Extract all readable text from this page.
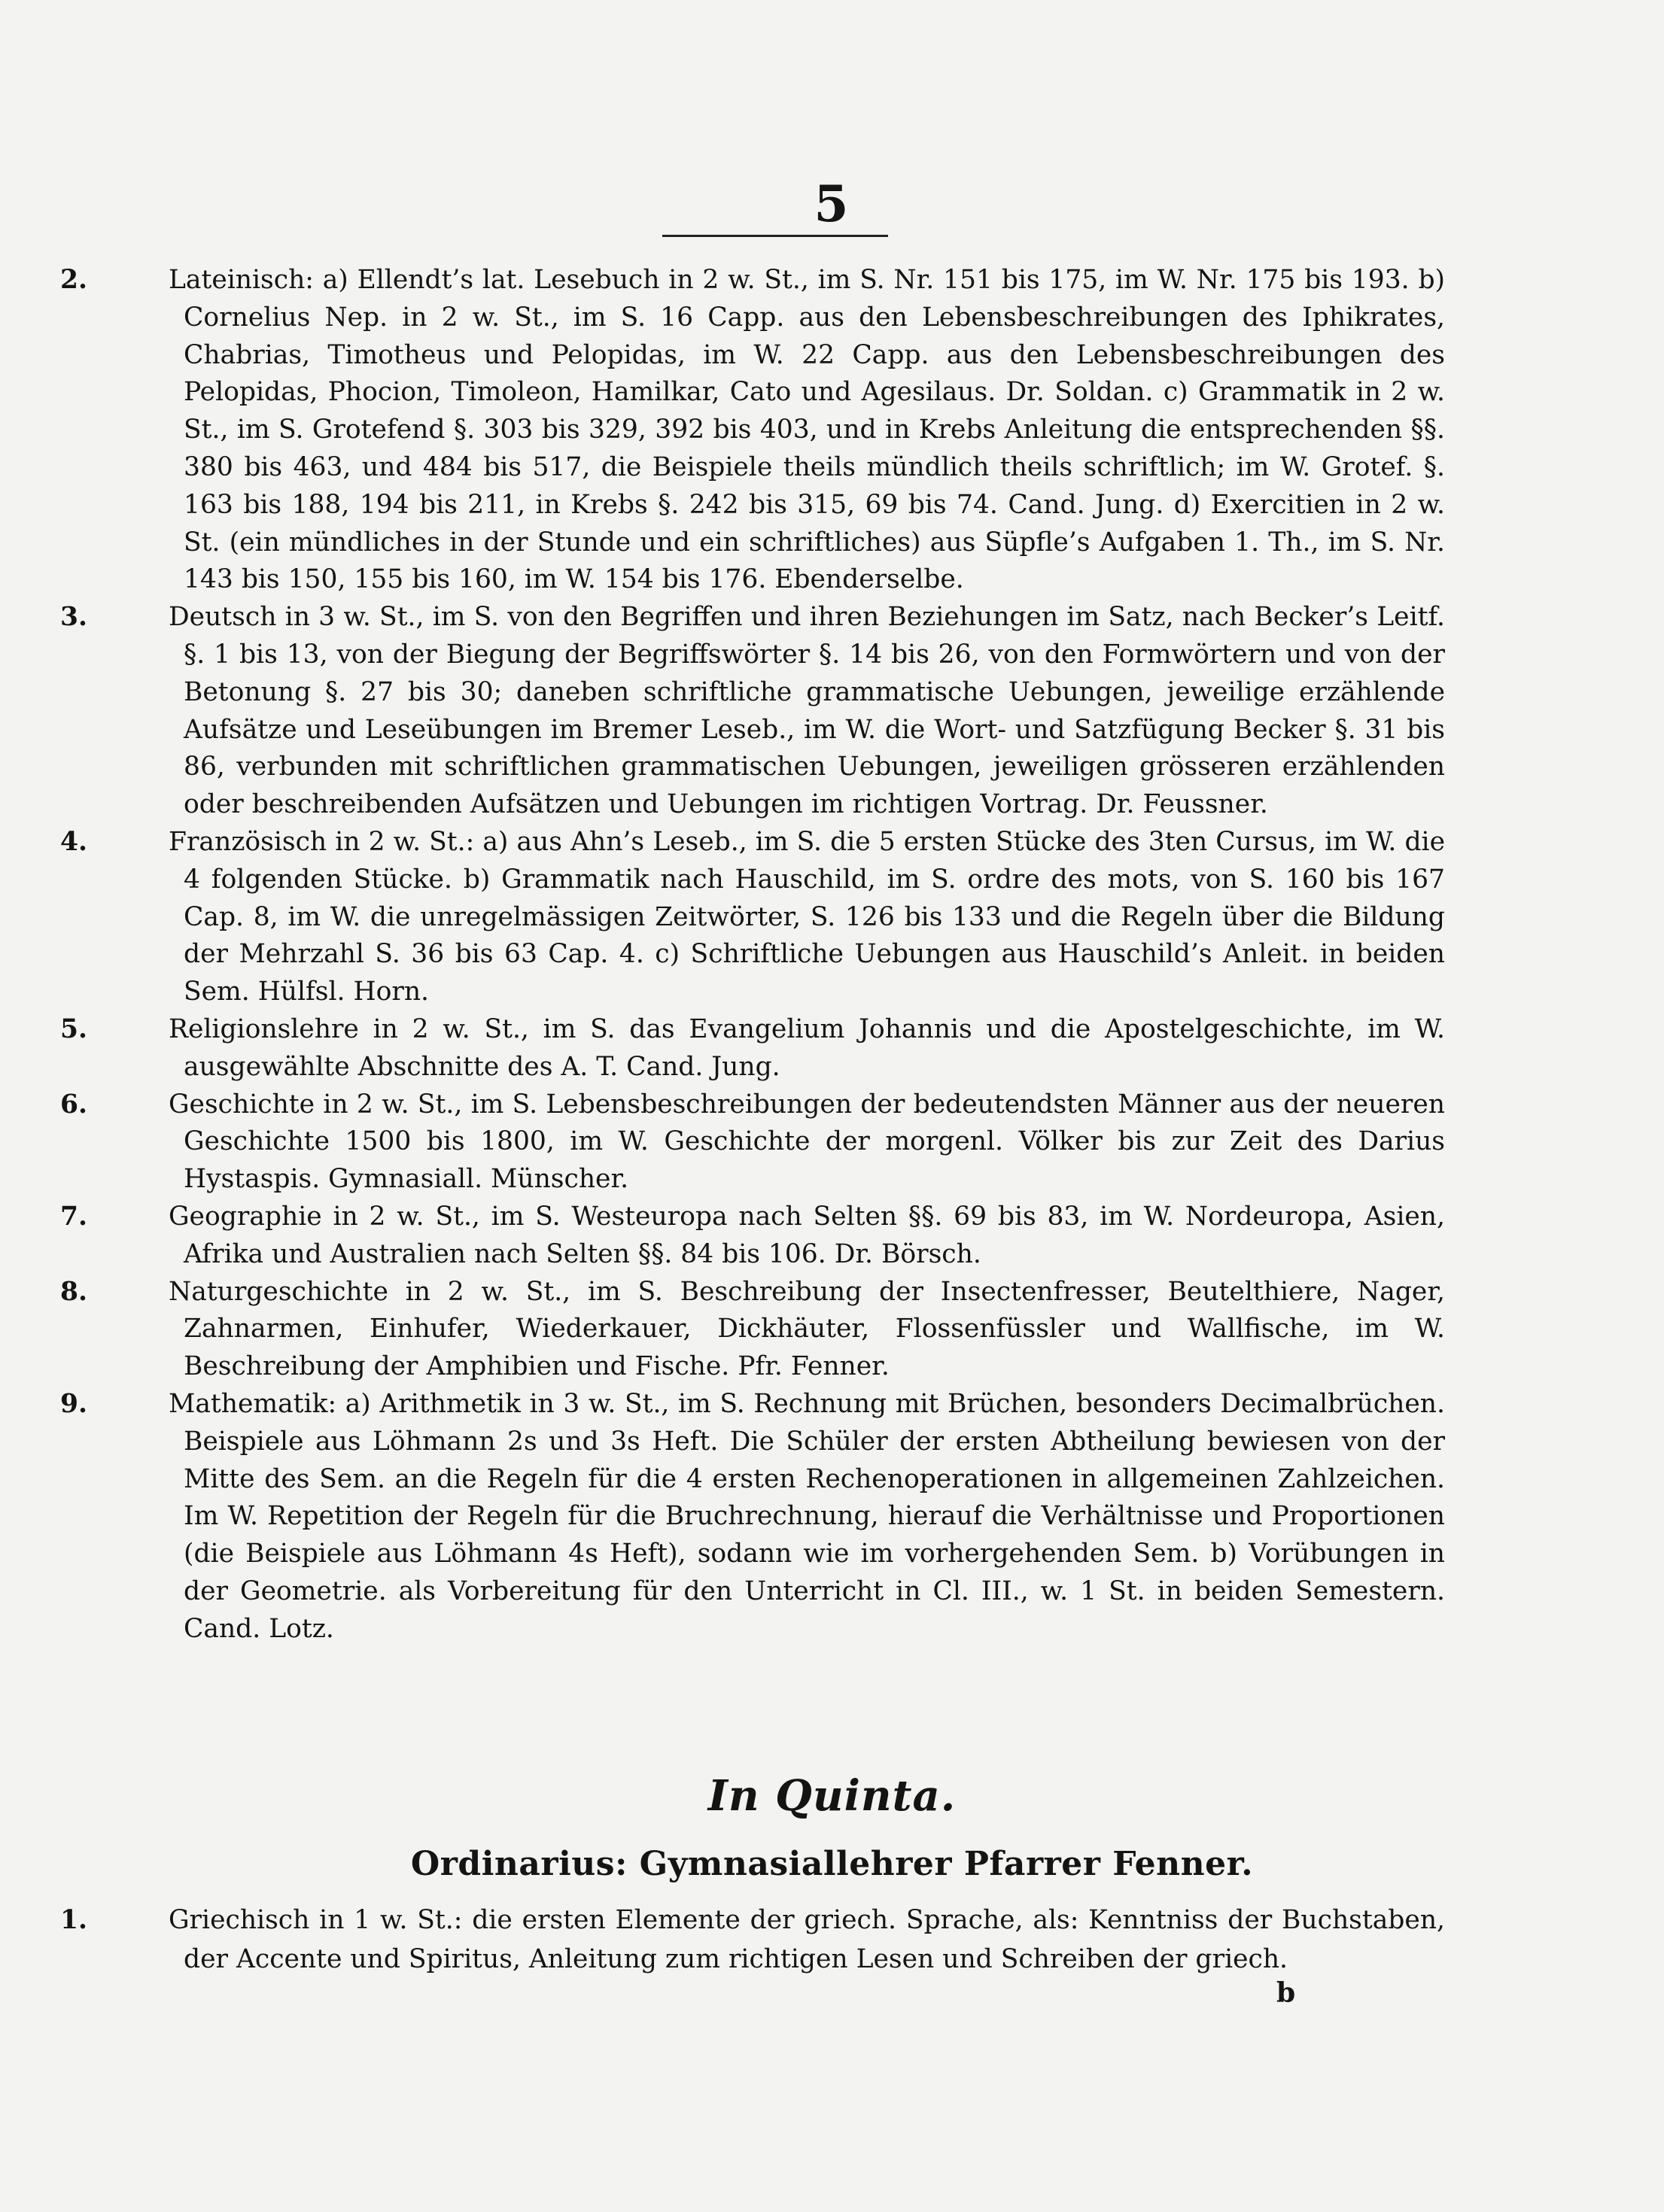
5

2.	Lateinisch: a) Ellendt’s lat. Lesebuch in 2 w. St., im S. Nr. 151 bis 175, im W. Nr. 175 bis 193. b) Cornelius Nep. in 2 w. St., im S. 16 Capp. aus den Lebensbeschreibungen des Iphikrates, Chabrias, Timotheus und Pelopidas, im W. 22 Capp. aus den Lebensbeschreibungen des Pelopidas, Phocion, Timoleon, Hamilkar, Cato und Agesilaus. Dr. Soldan. c) Grammatik in 2 w. St., im S. Grotefend §. 303 bis 329, 392 bis 403, und in Krebs Anleitung die entsprechenden §§. 380 bis 463, und 484 bis 517, die Beispiele theils mündlich theils schriftlich; im W. Grotef. §. 163 bis 188, 194 bis 211, in Krebs §. 242 bis 315, 69 bis 74. Cand. Jung. d) Exercitien in 2 w. St. (ein mündliches in der Stunde und ein schriftliches) aus Süpfle’s Aufgaben 1. Th., im S. Nr. 143 bis 150, 155 bis 160, im W. 154 bis 176. Ebenderselbe.

3.	Deutsch in 3 w. St., im S. von den Begriffen und ihren Beziehungen im Satz, nach Becker’s Leitf. §. 1 bis 13, von der Biegung der Begriffswörter §. 14 bis 26, von den Formwörtern und von der Betonung §. 27 bis 30; daneben schriftliche grammatische Uebungen, jeweilige erzählende Aufsätze und Leseübungen im Bremer Leseb., im W. die Wort- und Satzfügung Becker §. 31 bis 86, verbunden mit schriftlichen grammatischen Uebungen, jeweiligen grösseren erzählenden oder beschreibenden Aufsätzen und Uebungen im richtigen Vortrag. Dr. Feussner.

4.	Französisch in 2 w. St.: a) aus Ahn’s Leseb., im S. die 5 ersten Stücke des 3ten Cursus, im W. die 4 folgenden Stücke. b) Grammatik nach Hauschild, im S. ordre des mots, von S. 160 bis 167 Cap. 8, im W. die unregelmässigen Zeitwörter, S. 126 bis 133 und die Regeln über die Bildung der Mehrzahl S. 36 bis 63 Cap. 4. c) Schriftliche Uebungen aus Hauschild’s Anleit. in beiden Sem. Hülfsl. Horn.

5.	Religionslehre in 2 w. St., im S. das Evangelium Johannis und die Apostelgeschichte, im W. ausgewählte Abschnitte des A. T. Cand. Jung.

6.	Geschichte in 2 w. St., im S. Lebensbeschreibungen der bedeutendsten Männer aus der neueren Geschichte 1500 bis 1800, im W. Geschichte der morgenl. Völker bis zur Zeit des Darius Hystaspis. Gymnasiall. Münscher.

7.	Geographie in 2 w. St., im S. Westeuropa nach Selten §§. 69 bis 83, im W. Nordeuropa, Asien, Afrika und Australien nach Selten §§. 84 bis 106. Dr. Börsch.

8.	Naturgeschichte in 2 w. St., im S. Beschreibung der Insectenfresser, Beutelthiere, Nager, Zahnarmen, Einhufer, Wiederkauer, Dickhäuter, Flossenfüssler und Wallfische, im W. Beschreibung der Amphibien und Fische. Pfr. Fenner.

9.	Mathematik: a) Arithmetik in 3 w. St., im S. Rechnung mit Brüchen, besonders Decimalbrüchen. Beispiele aus Löhmann 2s und 3s Heft. Die Schüler der ersten Abtheilung bewiesen von der Mitte des Sem. an die Regeln für die 4 ersten Rechenoperationen in allgemeinen Zahlzeichen. Im W. Repetition der Regeln für die Bruchrechnung, hierauf die Verhältnisse und Proportionen (die Beispiele aus Löhmann 4s Heft), sodann wie im vorhergehenden Sem. b) Vorübungen in der Geometrie. als Vorbereitung für den Unterricht in Cl. III., w. 1 St. in beiden Semestern. Cand. Lotz.

In Quinta.
Ordinarius: Gymnasiallehrer Pfarrer Fenner.

1.	Griechisch in 1 w. St.: die ersten Elemente der griech. Sprache, als: Kenntniss der Buchstaben, der Accente und Spiritus, Anleitung zum richtigen Lesen und Schreiben der griech.

b
